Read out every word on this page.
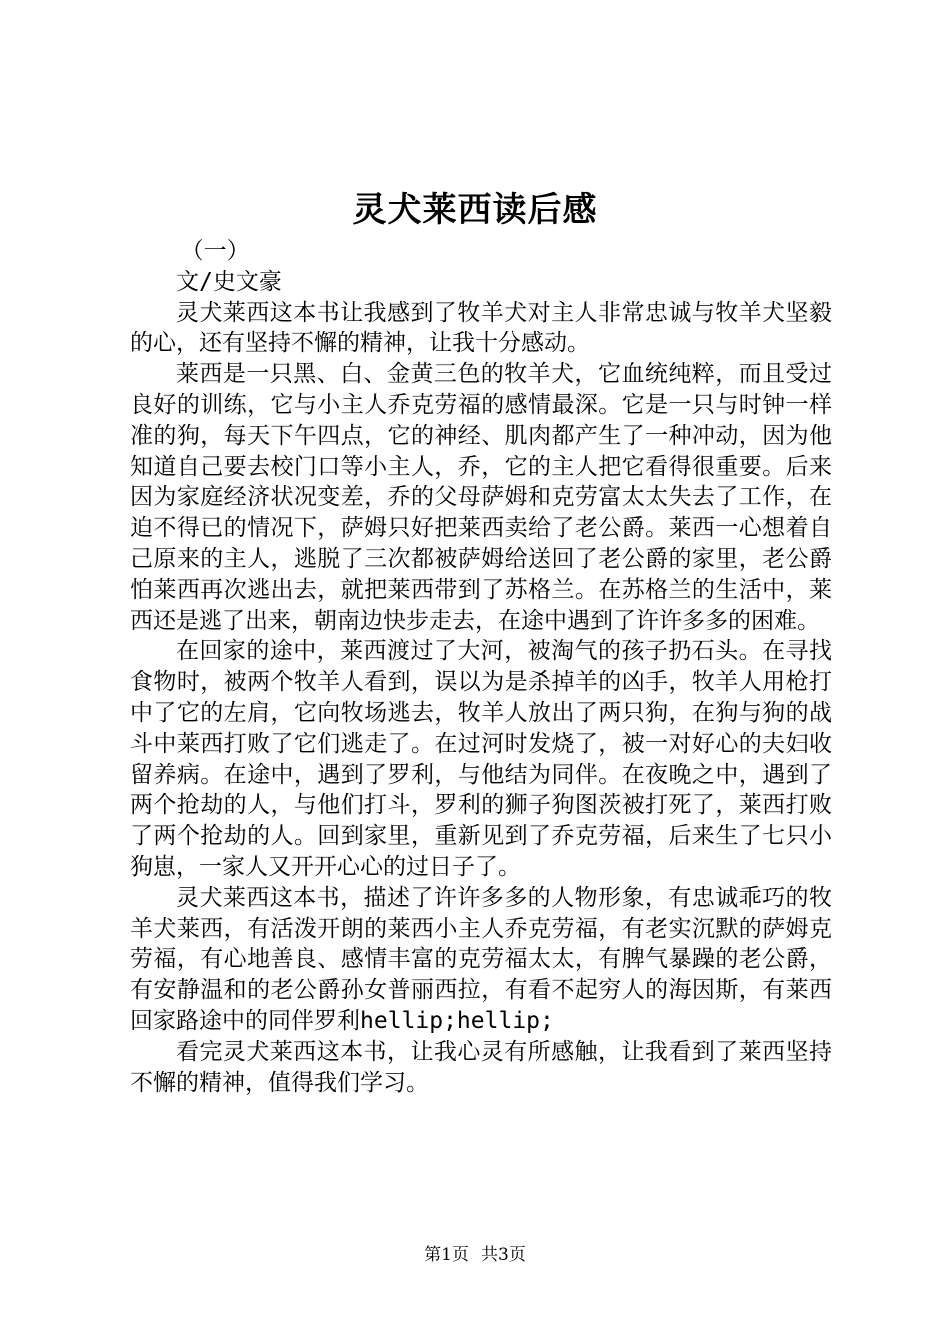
灵犬莱西读后感

（一）

文/史文豪

灵犬莱西这本书让我感到了牧羊犬对主人非常忠诚与牧羊犬坚毅的心，还有坚持不懈的精神，让我十分感动。

莱西是一只黑、白、金黄三色的牧羊犬，它血统纯粹，而且受过良好的训练，它与小主人乔克劳福的感情最深。它是一只与时钟一样准的狗，每天下午四点，它的神经、肌肉都产生了一种冲动，因为他知道自己要去校门口等小主人，乔，它的主人把它看得很重要。后来因为家庭经济状况变差，乔的父母萨姆和克劳富太太失去了工作，在迫不得已的情况下，萨姆只好把莱西卖给了老公爵。莱西一心想着自己原来的主人，逃脱了三次都被萨姆给送回了老公爵的家里，老公爵怕莱西再次逃出去，就把莱西带到了苏格兰。在苏格兰的生活中，莱西还是逃了出来，朝南边快步走去，在途中遇到了许许多多的困难。

在回家的途中，莱西渡过了大河，被淘气的孩子扔石头。在寻找食物时，被两个牧羊人看到，误以为是杀掉羊的凶手，牧羊人用枪打中了它的左肩，它向牧场逃去，牧羊人放出了两只狗，在狗与狗的战斗中莱西打败了它们逃走了。在过河时发烧了，被一对好心的夫妇收留养病。在途中，遇到了罗利，与他结为同伴。在夜晚之中，遇到了两个抢劫的人，与他们打斗，罗利的狮子狗图茨被打死了，莱西打败了两个抢劫的人。回到家里，重新见到了乔克劳福，后来生了七只小狗崽，一家人又开开心心的过日子了。

灵犬莱西这本书，描述了许许多多的人物形象，有忠诚乖巧的牧羊犬莱西，有活泼开朗的莱西小主人乔克劳福，有老实沉默的萨姆克劳福，有心地善良、感情丰富的克劳福太太，有脾气暴躁的老公爵，有安静温和的老公爵孙女普丽西拉，有看不起穷人的海因斯，有莱西回家路途中的同伴罗利hellip;hellip;

看完灵犬莱西这本书，让我心灵有所感触，让我看到了莱西坚持不懈的精神，值得我们学习。

第1页 共3页
